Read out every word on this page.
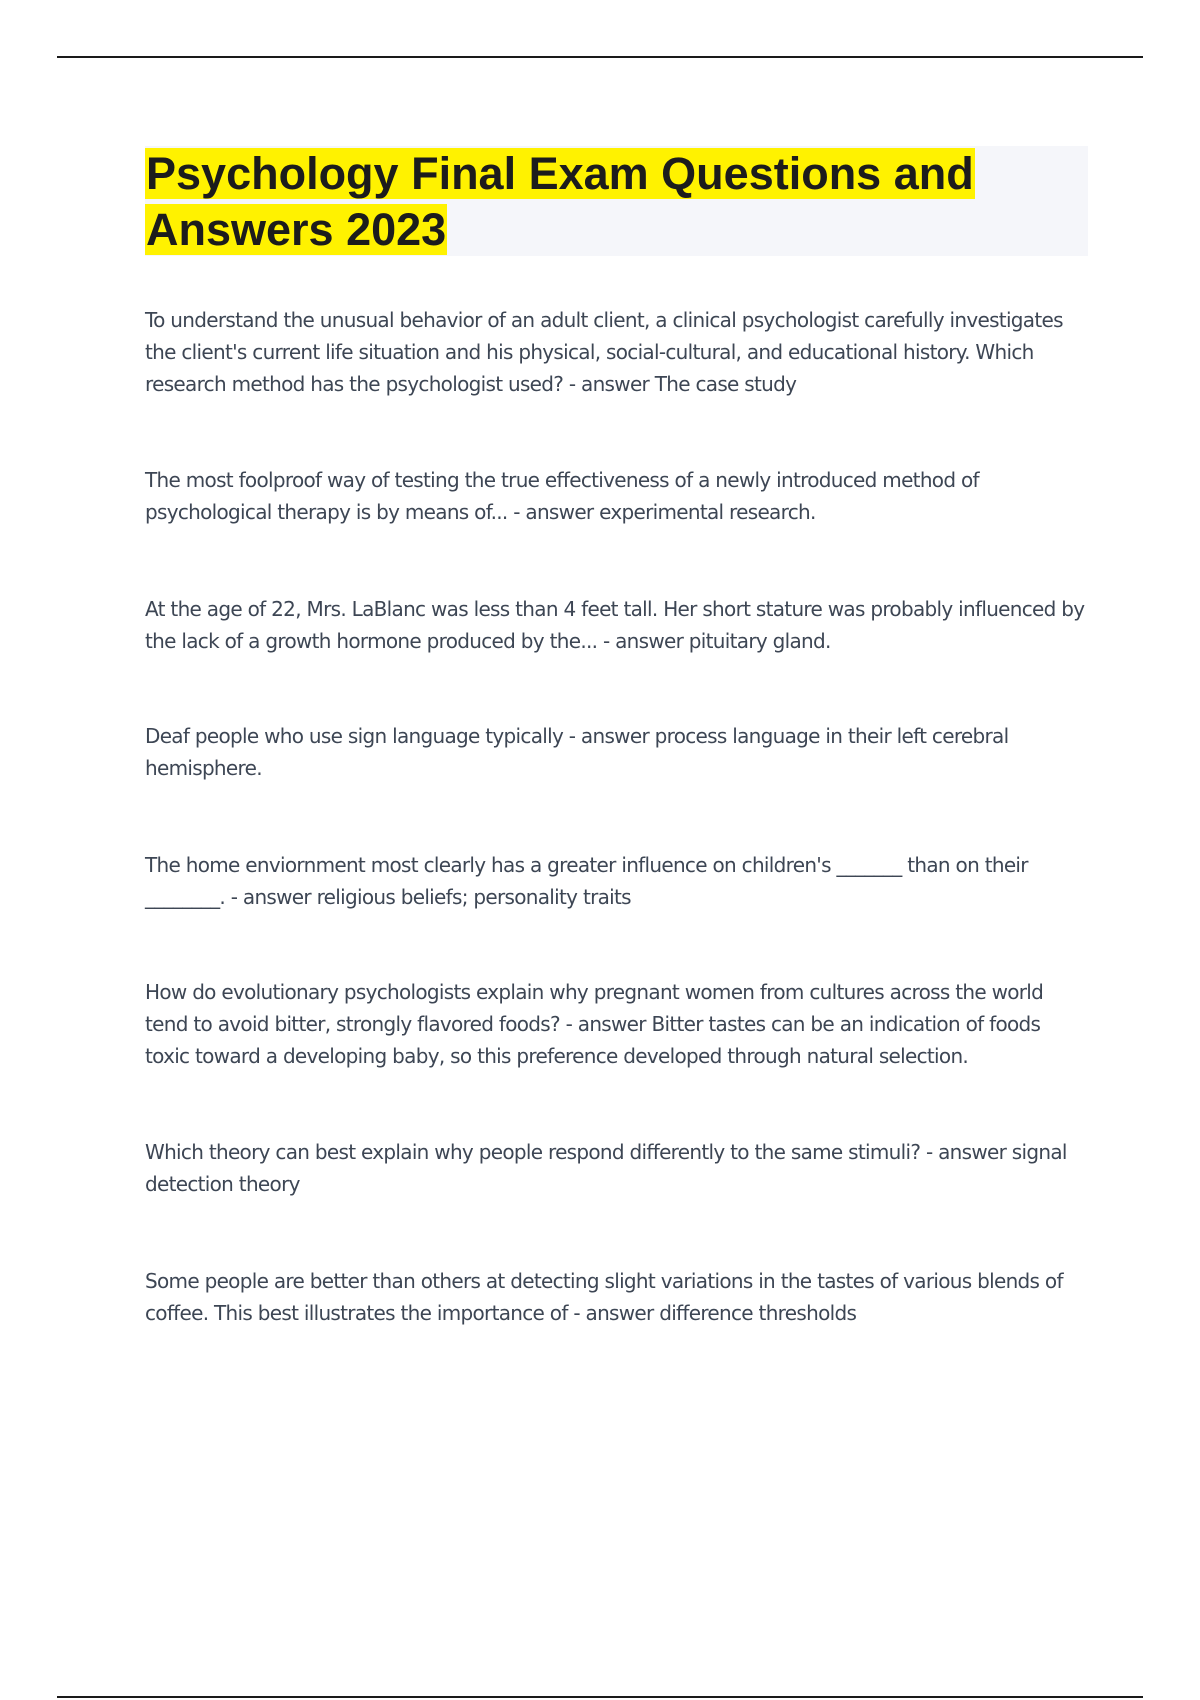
Psychology Final Exam Questions and Answers 2023

To understand the unusual behavior of an adult client, a clinical psychologist carefully investigates the client's current life situation and his physical, social-cultural, and educational history. Which research method has the psychologist used? - answer The case study

The most foolproof way of testing the true effectiveness of a newly introduced method of psychological therapy is by means of... - answer experimental research.

At the age of 22, Mrs. LaBlanc was less than 4 feet tall. Her short stature was probably influenced by the lack of a growth hormone produced by the... - answer pituitary gland.

Deaf people who use sign language typically - answer process language in their left cerebral hemisphere.

The home enviornment most clearly has a greater influence on children's _______ than on their ________. - answer religious beliefs; personality traits

How do evolutionary psychologists explain why pregnant women from cultures across the world tend to avoid bitter, strongly flavored foods? - answer Bitter tastes can be an indication of foods toxic toward a developing baby, so this preference developed through natural selection.

Which theory can best explain why people respond differently to the same stimuli? - answer signal detection theory

Some people are better than others at detecting slight variations in the tastes of various blends of coffee. This best illustrates the importance of - answer difference thresholds
